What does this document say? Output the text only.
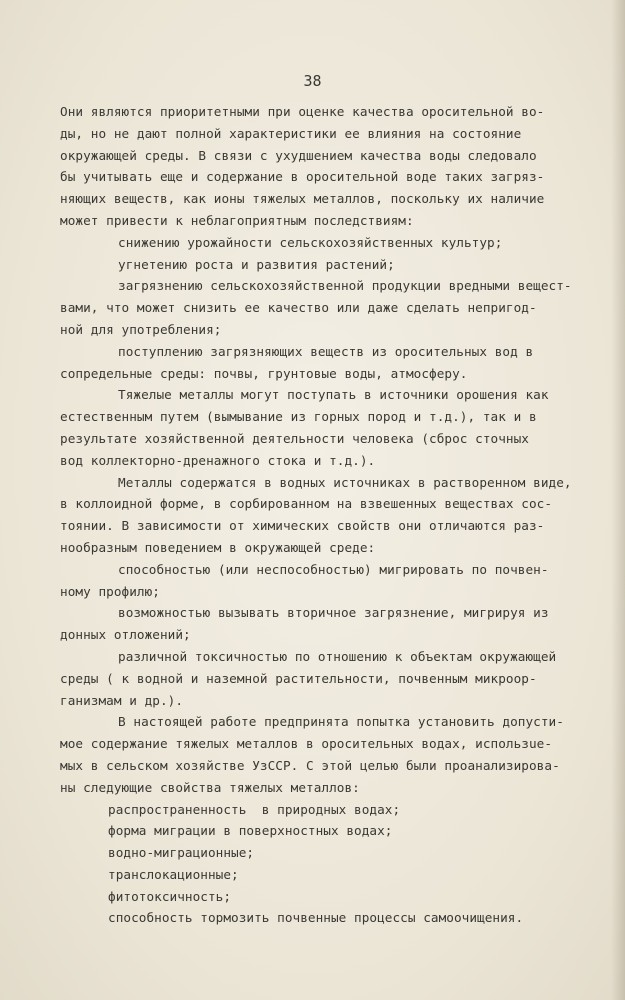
38
Они являются приоритетными при оценке качества оросительной во-
ды, но не дают полной характеристики ее влияния на состояние
окружающей среды. В связи с ухудшением качества воды следовало
бы учитывать еще и содержание в оросительной воде таких загряз-
няющих веществ, как ионы тяжелых металлов, поскольку их наличие
может привести к неблагоприятным последствиям:
снижению урожайности сельскохозяйственных культур;
угнетению роста и развития растений;
загрязнению сельскохозяйственной продукции вредными вещест-
вами, что может снизить ее качество или даже сделать непригод-
ной для употребления;
поступлению загрязняющих веществ из оросительных вод в
сопредельные среды: почвы, грунтовые воды, атмосферу.
Тяжелые металлы могут поступать в источники орошения как
естественным путем (вымывание из горных пород и т.д.), так и в
результате хозяйственной деятельности человека (сброс сточных
вод коллекторно-дренажного стока и т.д.).
Металлы содержатся в водных источниках в растворенном виде,
в коллоидной форме, в сорбированном на взвешенных веществах сос-
тоянии. В зависимости от химических свойств они отличаются раз-
нообразным поведением в окружающей среде:
способностью (или неспособностью) мигрировать по почвен-
ному профилю;
возможностью вызывать вторичное загрязнение, мигрируя из
донных отложений;
различной токсичностью по отношению к объектам окружающей
среды ( к водной и наземной растительности, почвенным микроор-
ганизмам и др.).
В настоящей работе предпринята попытка установить допусти-
мое содержание тяжелых металлов в оросительных водах, использue-
мых в сельском хозяйстве УзССР. С этой целью были проанализирова-
ны следующие свойства тяжелых металлов:
распространенность  в природных водах;
форма миграции в поверхностных водах;
водно-миграционные;
транслокационные;
фитотоксичность;
способность тормозить почвенные процессы самоочищения.
